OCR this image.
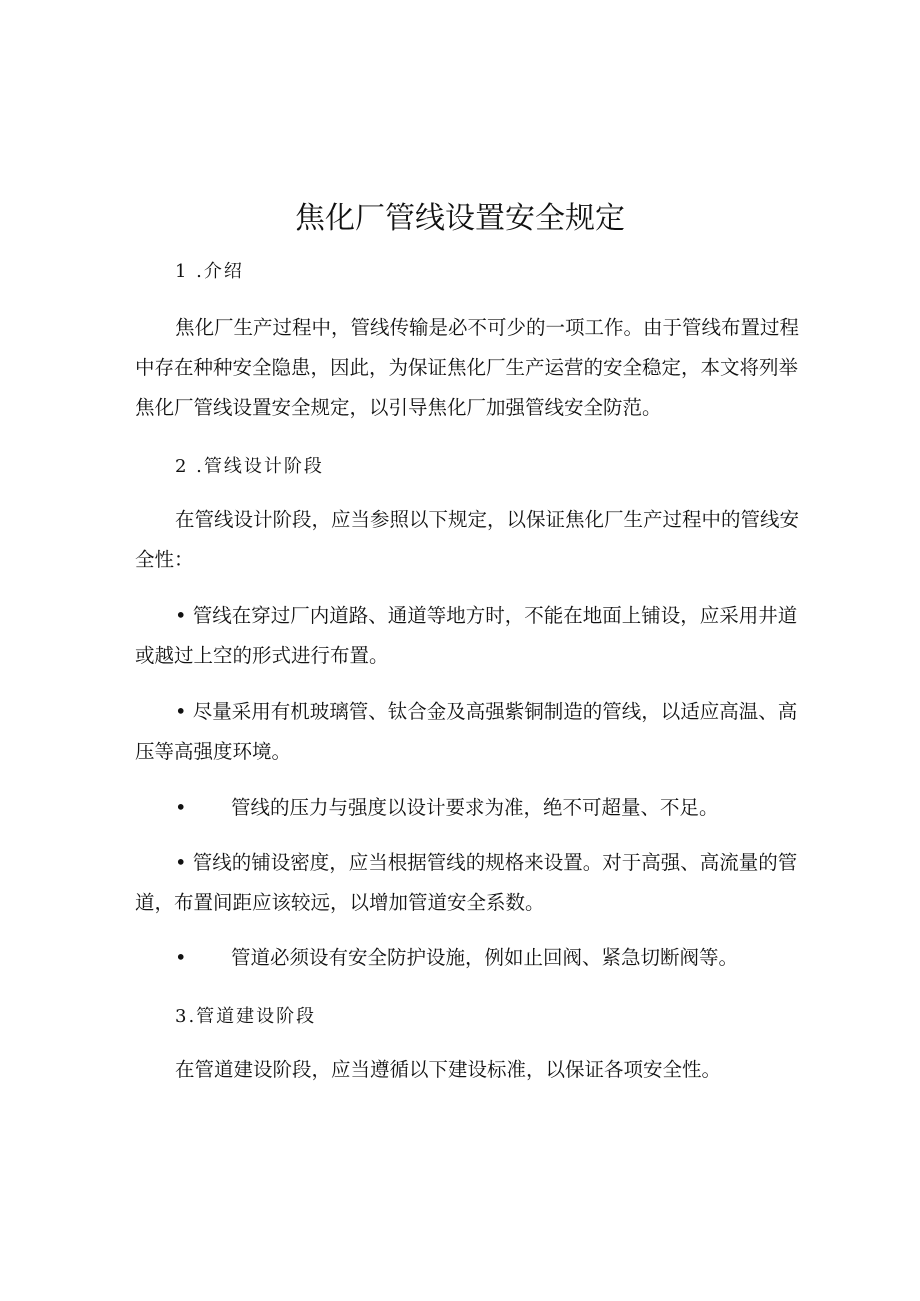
焦化厂管线设置安全规定
1 .介绍

焦化厂生产过程中，管线传输是必不可少的一项工作。由于管线布置过程中存在种种安全隐患，因此，为保证焦化厂生产运营的安全稳定，本文将列举焦化厂管线设置安全规定，以引导焦化厂加强管线安全防范。

2 .管线设计阶段

在管线设计阶段，应当参照以下规定，以保证焦化厂生产过程中的管线安全性：

• 管线在穿过厂内道路、通道等地方时，不能在地面上铺设，应采用井道或越过上空的形式进行布置。

• 尽量采用有机玻璃管、钛合金及高强紫铜制造的管线，以适应高温、高压等高强度环境。

• 管线的压力与强度以设计要求为准，绝不可超量、不足。

• 管线的铺设密度，应当根据管线的规格来设置。对于高强、高流量的管道，布置间距应该较远，以增加管道安全系数。

• 管道必须设有安全防护设施，例如止回阀、紧急切断阀等。

3.管道建设阶段

在管道建设阶段，应当遵循以下建设标准，以保证各项安全性。
